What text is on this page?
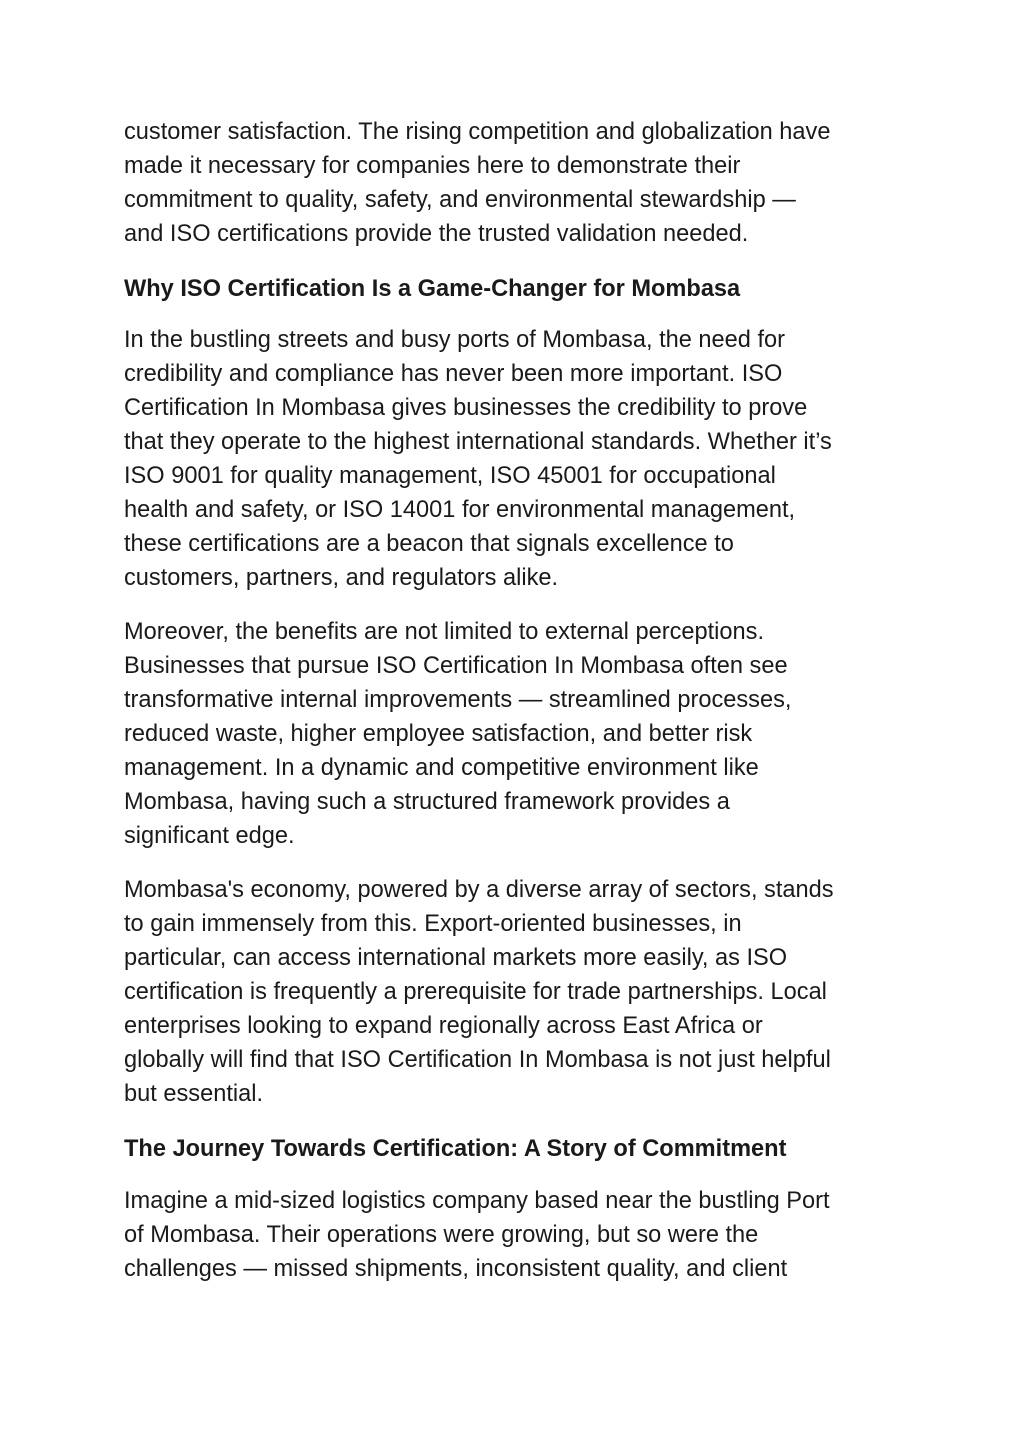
customer satisfaction. The rising competition and globalization have
made it necessary for companies here to demonstrate their
commitment to quality, safety, and environmental stewardship —
and ISO certifications provide the trusted validation needed.

Why ISO Certification Is a Game-Changer for Mombasa

In the bustling streets and busy ports of Mombasa, the need for
credibility and compliance has never been more important. ISO
Certification In Mombasa gives businesses the credibility to prove
that they operate to the highest international standards. Whether it’s
ISO 9001 for quality management, ISO 45001 for occupational
health and safety, or ISO 14001 for environmental management,
these certifications are a beacon that signals excellence to
customers, partners, and regulators alike.

Moreover, the benefits are not limited to external perceptions.
Businesses that pursue ISO Certification In Mombasa often see
transformative internal improvements — streamlined processes,
reduced waste, higher employee satisfaction, and better risk
management. In a dynamic and competitive environment like
Mombasa, having such a structured framework provides a
significant edge.

Mombasa's economy, powered by a diverse array of sectors, stands
to gain immensely from this. Export-oriented businesses, in
particular, can access international markets more easily, as ISO
certification is frequently a prerequisite for trade partnerships. Local
enterprises looking to expand regionally across East Africa or
globally will find that ISO Certification In Mombasa is not just helpful
but essential.

The Journey Towards Certification: A Story of Commitment

Imagine a mid-sized logistics company based near the bustling Port
of Mombasa. Their operations were growing, but so were the
challenges — missed shipments, inconsistent quality, and client
